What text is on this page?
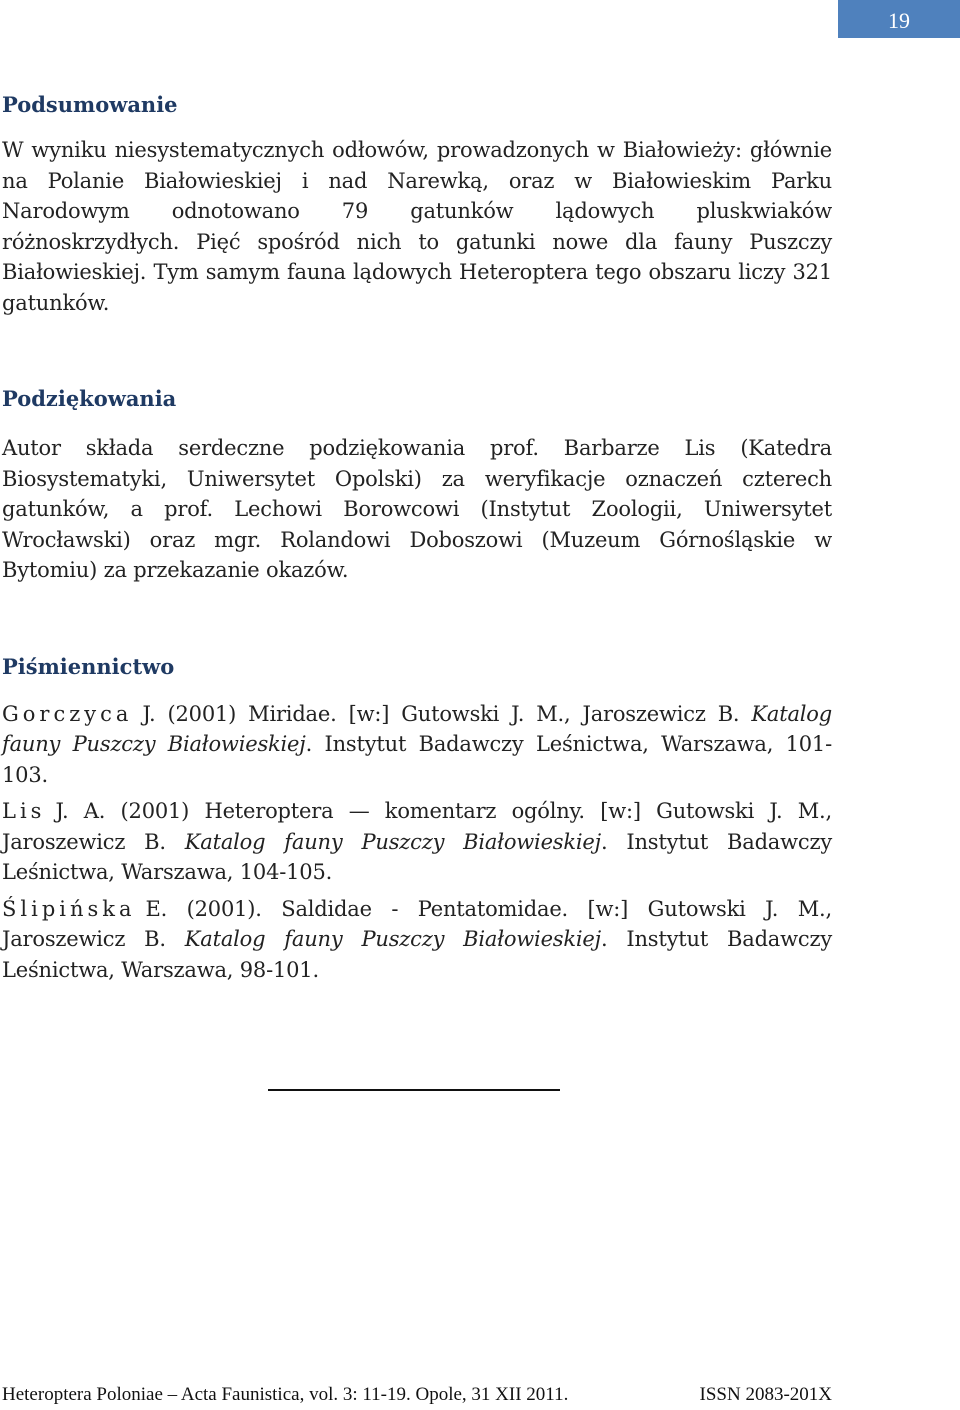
19
Podsumowanie

W wyniku niesystematycznych odłowów, prowadzonych w Białowieży: głównie na Polanie Białowieskiej i nad Narewką, oraz w Białowieskim Parku Narodowym odnotowano 79 gatunków lądowych pluskwiaków różnoskrzydłych. Pięć spośród nich to gatunki nowe dla fauny Puszczy Białowieskiej. Tym samym fauna lądowych Heteroptera tego obszaru liczy 321 gatunków.

Podziękowania

Autor składa serdeczne podziękowania prof. Barbarze Lis (Katedra Biosystematyki, Uniwersytet Opolski) za weryfikacje oznaczeń czterech gatunków, a prof. Lechowi Borowcowi (Instytut Zoologii, Uniwersytet Wrocławski) oraz mgr. Rolandowi Doboszowi (Muzeum Górnośląskie w Bytomiu) za przekazanie okazów.

Piśmiennictwo

Gorczyca J. (2001) Miridae. [w:] Gutowski J. M., Jaroszewicz B. Katalog fauny Puszczy Białowieskiej. Instytut Badawczy Leśnictwa, Warszawa, 101-103.

Lis J. A. (2001) Heteroptera — komentarz ogólny. [w:] Gutowski J. M., Jaroszewicz B. Katalog fauny Puszczy Białowieskiej. Instytut Badawczy Leśnictwa, Warszawa, 104-105.

Ślipińska E. (2001). Saldidae - Pentatomidae. [w:] Gutowski J. M., Jaroszewicz B. Katalog fauny Puszczy Białowieskiej. Instytut Badawczy Leśnictwa, Warszawa, 98-101.

Heteroptera Poloniae – Acta Faunistica, vol. 3: 11-19. Opole, 31 XII 2011.	ISSN 2083-201X
